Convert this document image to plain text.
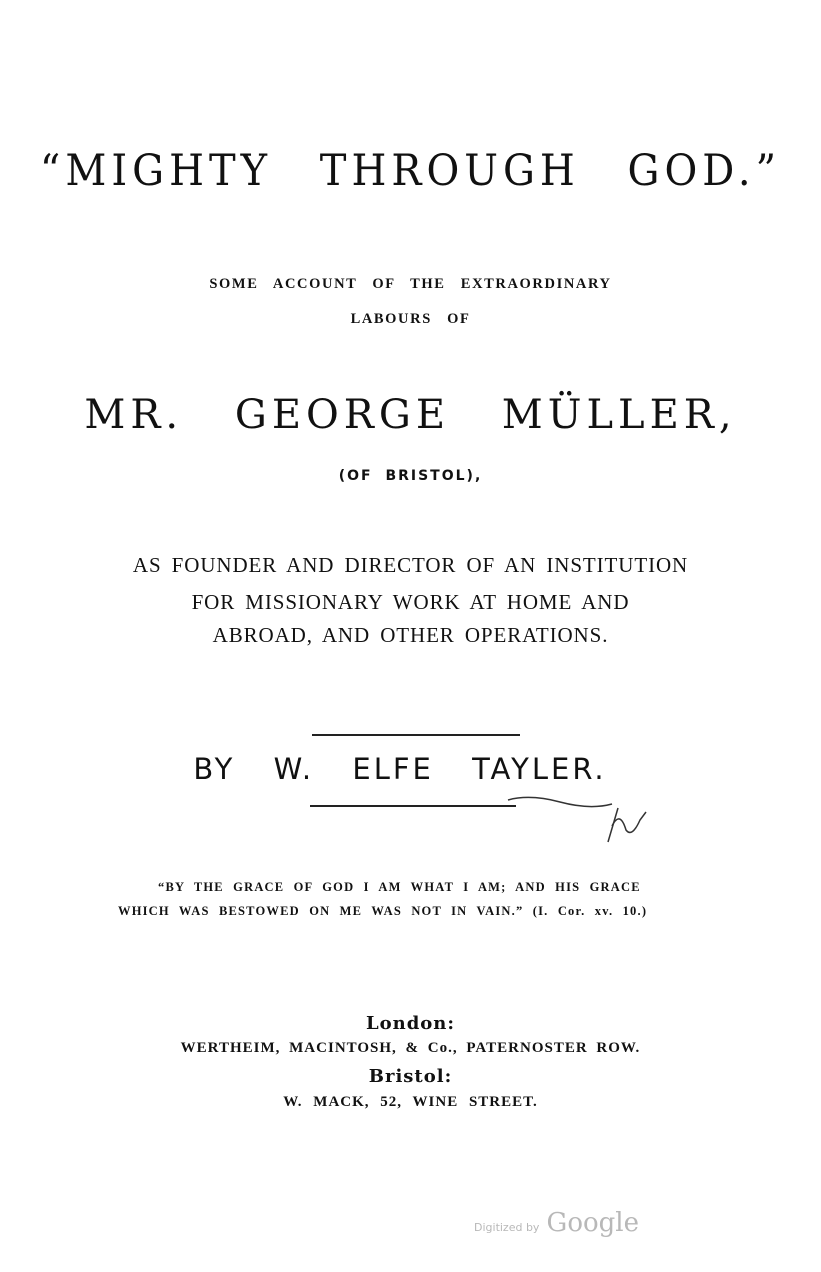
“MIGHTY THROUGH GOD.”
SOME ACCOUNT OF THE EXTRAORDINARY
LABOURS OF
MR. GEORGE MÜLLER,
(OF BRISTOL),
AS FOUNDER AND DIRECTOR OF AN INSTITUTION
FOR MISSIONARY WORK AT HOME AND
ABROAD, AND OTHER OPERATIONS.
BY W. ELFE TAYLER.
“BY THE GRACE OF GOD I AM WHAT I AM; AND HIS GRACE
WHICH WAS BESTOWED ON ME WAS NOT IN VAIN.” (I. Cor. xv. 10.)
London:
WERTHEIM, MACINTOSH, & Co., PATERNOSTER ROW.
Bristol:
W. MACK, 52, WINE STREET.
Digitized by Google
